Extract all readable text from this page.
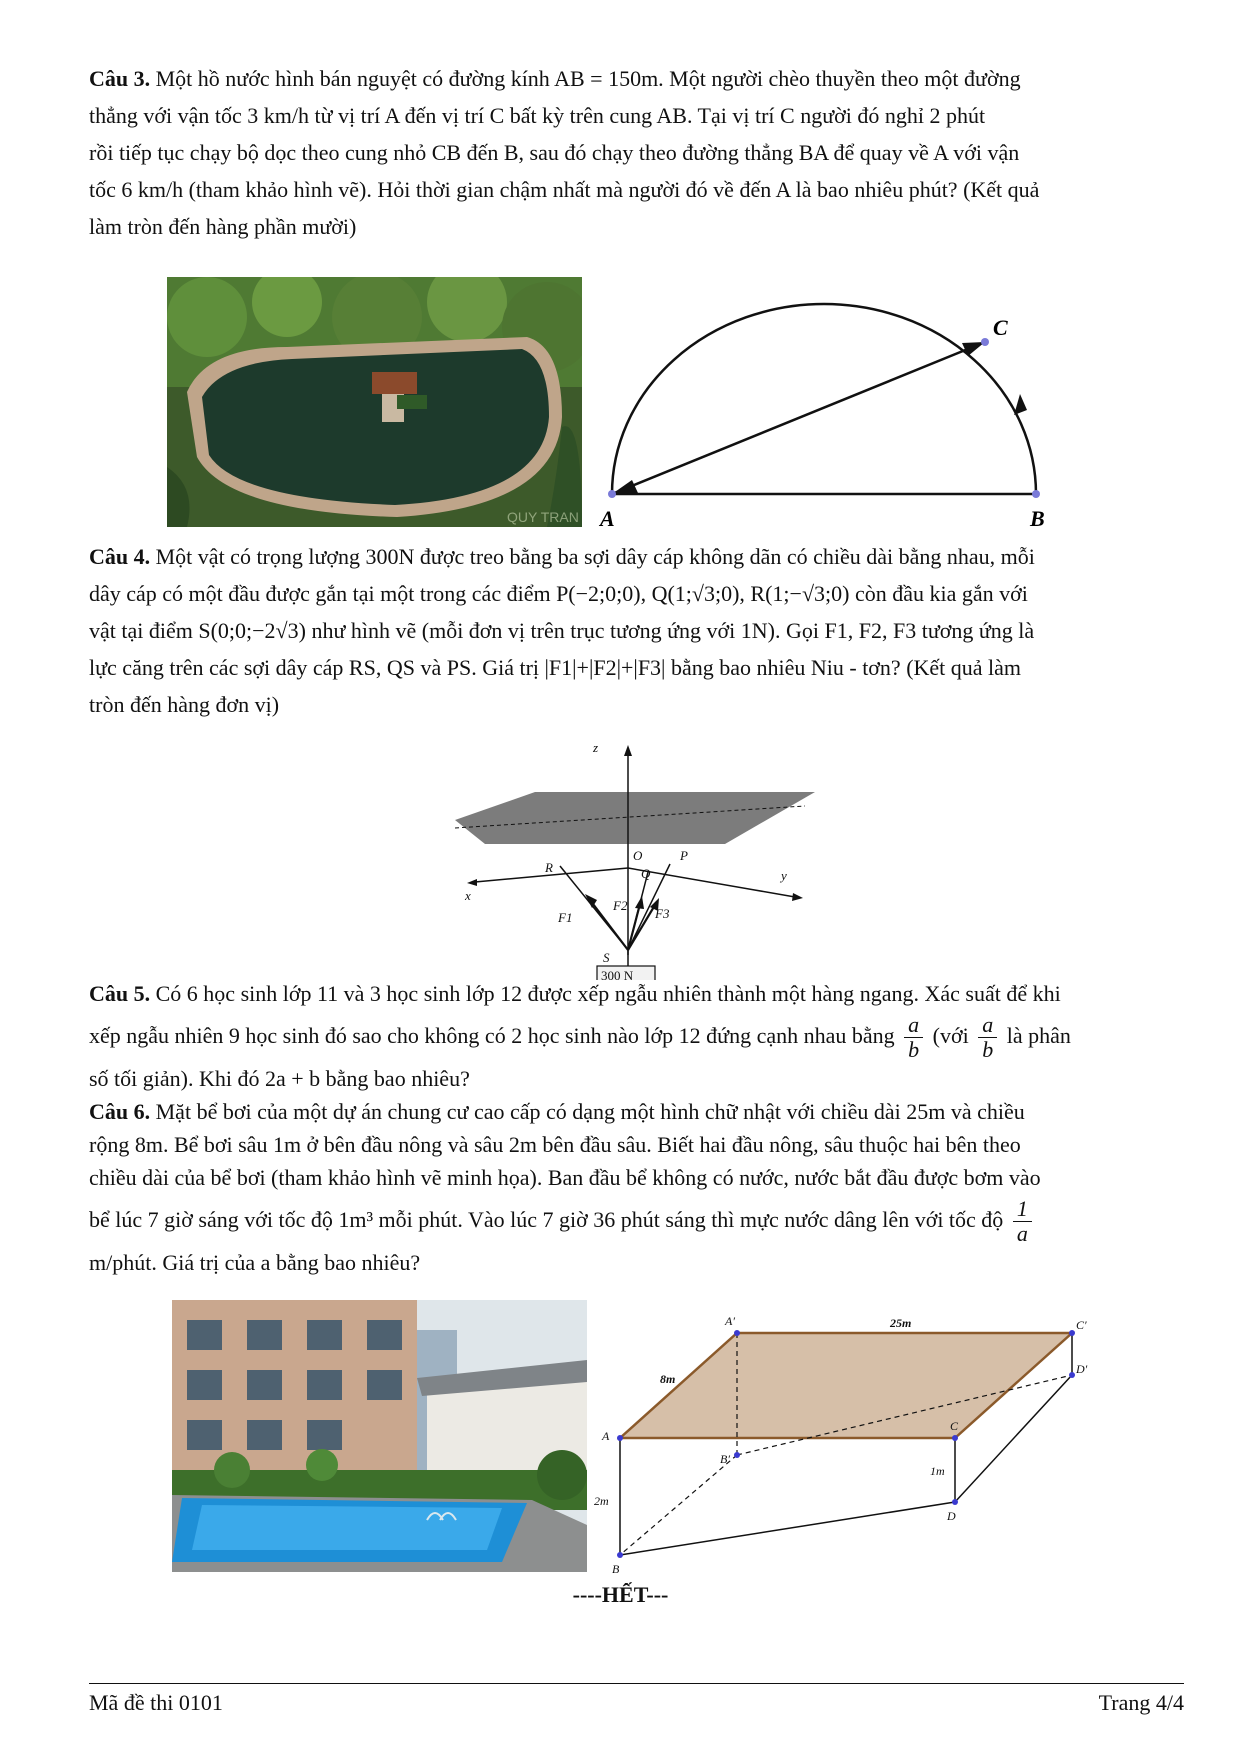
Câu 3. Một hồ nước hình bán nguyệt có đường kính AB = 150m. Một người chèo thuyền theo một đường
thẳng với vận tốc 3 km/h từ vị trí A đến vị trí C bất kỳ trên cung AB. Tại vị trí C người đó nghỉ 2 phút
rồi tiếp tục chạy bộ dọc theo cung nhỏ CB đến B, sau đó chạy theo đường thẳng BA để quay về A với vận
tốc 6 km/h (tham khảo hình vẽ). Hỏi thời gian chậm nhất mà người đó về đến A là bao nhiêu phút? (Kết quả
làm tròn đến hàng phần mười)
QUY TRAN A	B
C
Câu 4. Một vật có trọng lượng 300N được treo bằng ba sợi dây cáp không dãn có chiều dài bằng nhau, mỗi
dây cáp có một đầu được gắn tại một trong các điểm P(−2;0;0), Q(1;√3;0), R(1;−√3;0) còn đầu kia gắn với
vật tại điểm S(0;0;−2√3) như hình vẽ (mỗi đơn vị trên trục tương ứng với 1N). Gọi F1, F2, F3 tương ứng là
lực căng trên các sợi dây cáp RS, QS và PS. Giá trị |F1|+|F2|+|F3| bằng bao nhiêu Niu - tơn? (Kết quả làm
tròn đến hàng đơn vị)
z
x
y
O	P
Q
R
S
F1
F2
F3
300 N
Câu 5. Có 6 học sinh lớp 11 và 3 học sinh lớp 12 được xếp ngẫu nhiên thành một hàng ngang. Xác suất để khi
xếp ngẫu nhiên 9 học sinh đó sao cho không có 2 học sinh nào lớp 12 đứng cạnh nhau bằng $\frac{a}{b}$ (với $\frac{a}{b}$ là phân
số tối giản). Khi đó 2a + b bằng bao nhiêu?
Câu 6. Mặt bể bơi của một dự án chung cư cao cấp có dạng một hình chữ nhật với chiều dài 25m và chiều
rộng 8m. Bể bơi sâu 1m ở bên đầu nông và sâu 2m bên đầu sâu. Biết hai đầu nông, sâu thuộc hai bên theo
chiều dài của bể bơi (tham khảo hình vẽ minh họa). Ban đầu bể không có nước, nước bắt đầu được bơm vào
bể lúc 7 giờ sáng với tốc độ 1m³ mỗi phút. Vào lúc 7 giờ 36 phút sáng thì mực nước dâng lên với tốc độ $\frac{1}{a}$
m/phút. Giá trị của a bằng bao nhiêu?
A′	C′
D′
B′
A
C
D
B
25m
8m
1m
2m
----HẾT---
Mã đề thi 0101	Trang 4/4
